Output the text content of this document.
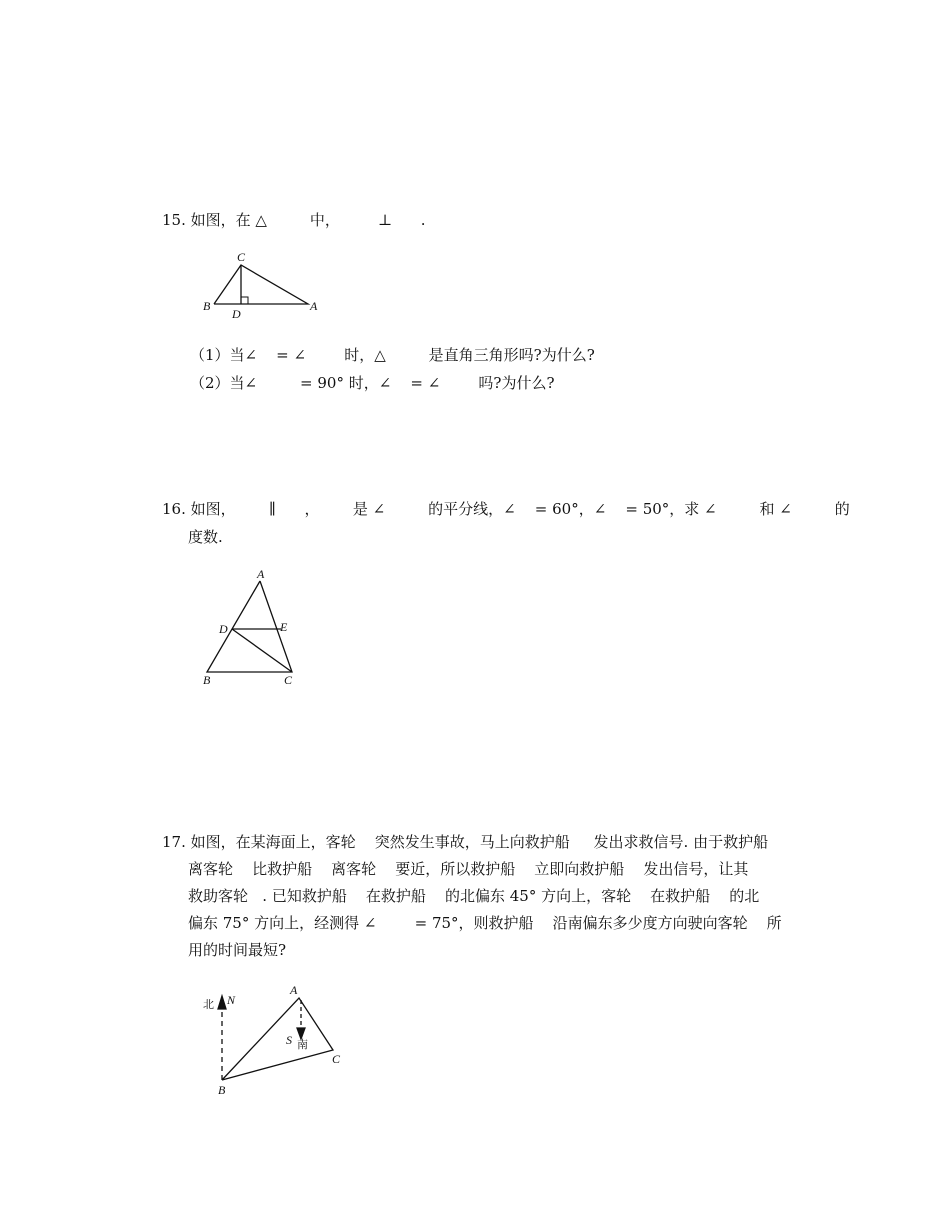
15. 如图，在 △         中，        ⊥      .
C
B
D
A
（1）当∠    = ∠        时，△         是直角三角形吗?为什么?
（2）当∠         = 90° 时，∠    = ∠        吗?为什么?
16. 如图，       ∥      ，       是 ∠         的平分线，∠    = 60°，∠    = 50°，求 ∠         和 ∠         的
度数.
A
D	E
B	C
17. 如图，在某海面上，客轮    突然发生事故，马上向救护船     发出求救信号. 由于救护船
离客轮    比救护船    离客轮    要近，所以救护船    立即向救护船    发出信号，让其
救助客轮   . 已知救护船    在救护船    的北偏东 45° 方向上，客轮    在救护船    的北
偏东 75° 方向上，经测得 ∠        = 75°，则救护船    沿南偏东多少度方向驶向客轮    所
用的时间最短?
北 N
A
S 南
C
B
